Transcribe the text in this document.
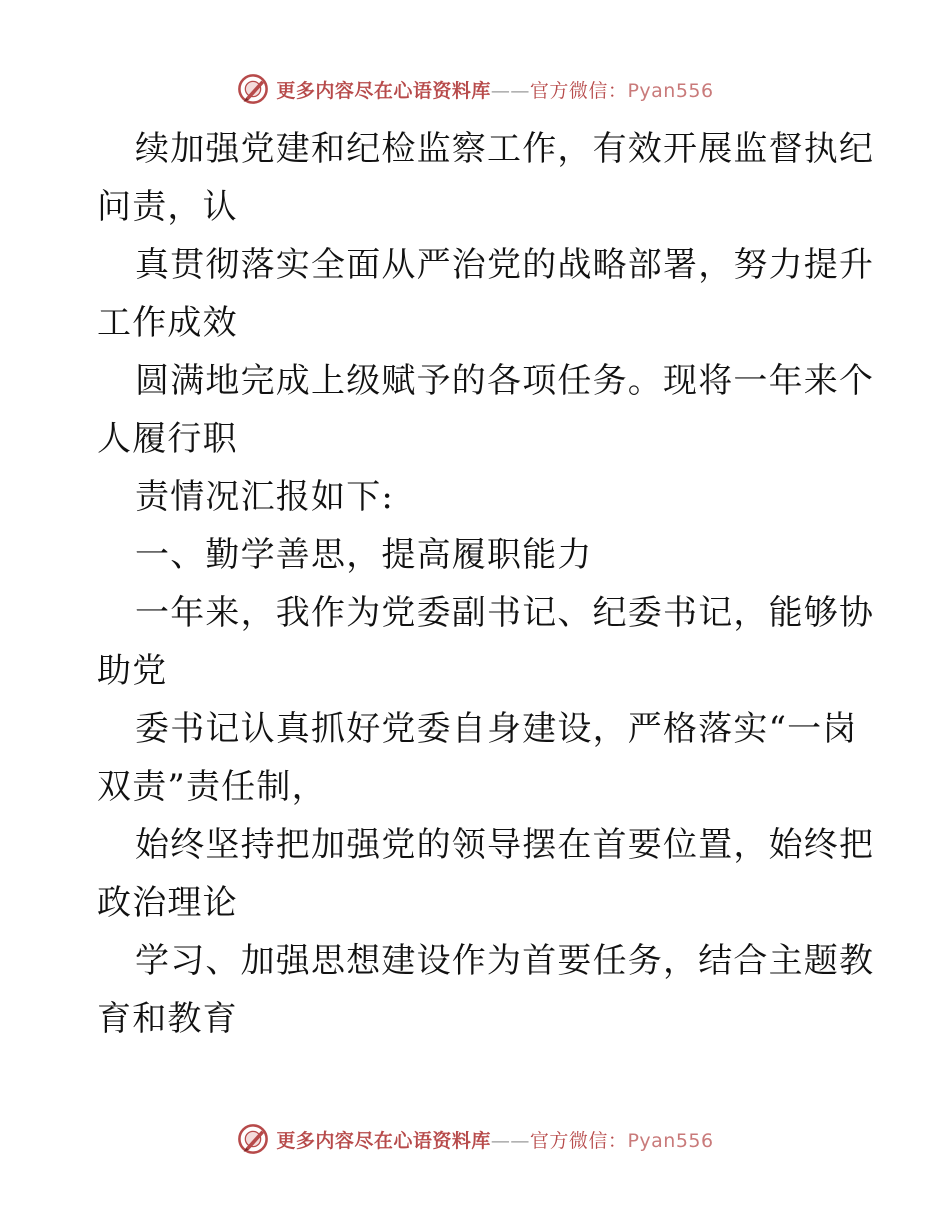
更多内容尽在心语资料库——官方微信：Pyan556
续加强党建和纪检监察工作，有效开展监督执纪
问责，认
真贯彻落实全面从严治党的战略部署，努力提升
工作成效
圆满地完成上级赋予的各项任务。现将一年来个
人履行职
责情况汇报如下:
一、勤学善思，提高履职能力
一年来，我作为党委副书记、纪委书记，能够协
助党
委书记认真抓好党委自身建设，严格落实“一岗
双责”责任制，
始终坚持把加强党的领导摆在首要位置，始终把
政治理论
学习、加强思想建设作为首要任务，结合主题教
育和教育
更多内容尽在心语资料库——官方微信：Pyan556
